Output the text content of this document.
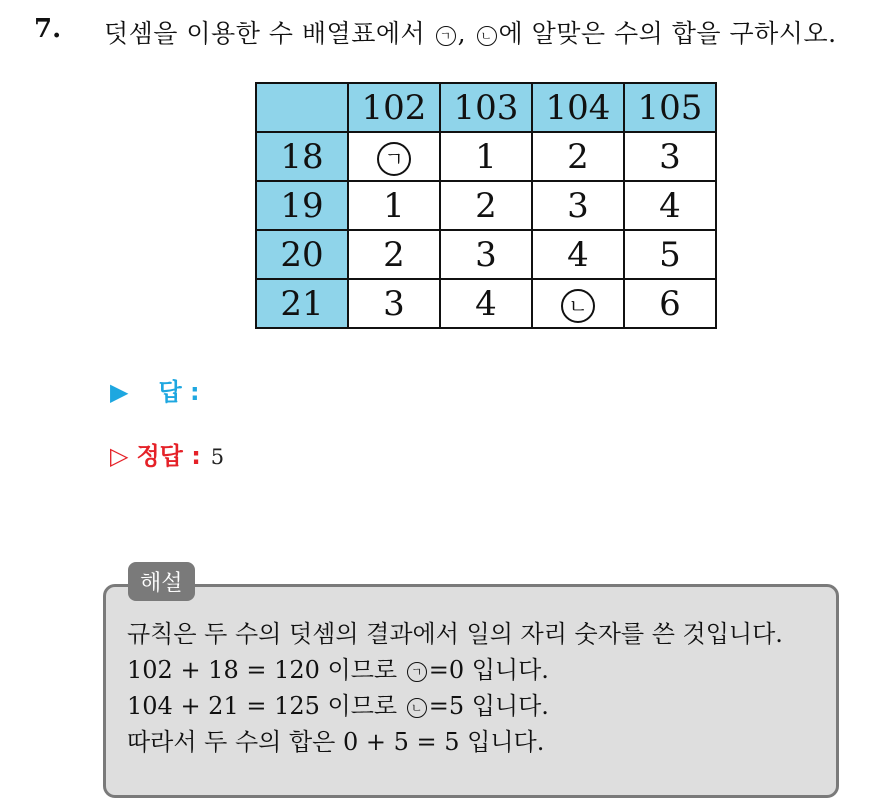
7. 덧셈을 이용한 수 배열표에서 ㄱ , ㄴ 에 알맞은 수의 합을 구하시오.
	102	103	104	105
18	ㄱ	1	2	3
19	1	2	3	4
20	2	3	4	5
21	3	4	ㄴ	6
▶ 답 :
▷ 정답 : 5
해설
규칙은 두 수의 덧셈의 결과에서 일의 자리 숫자를 쓴 것입니다.
102 + 18 = 120 이므로 ㄱ =0 입니다.
104 + 21 = 125 이므로 ㄴ =5 입니다.
따라서 두 수의 합은 0 + 5 = 5 입니다.
